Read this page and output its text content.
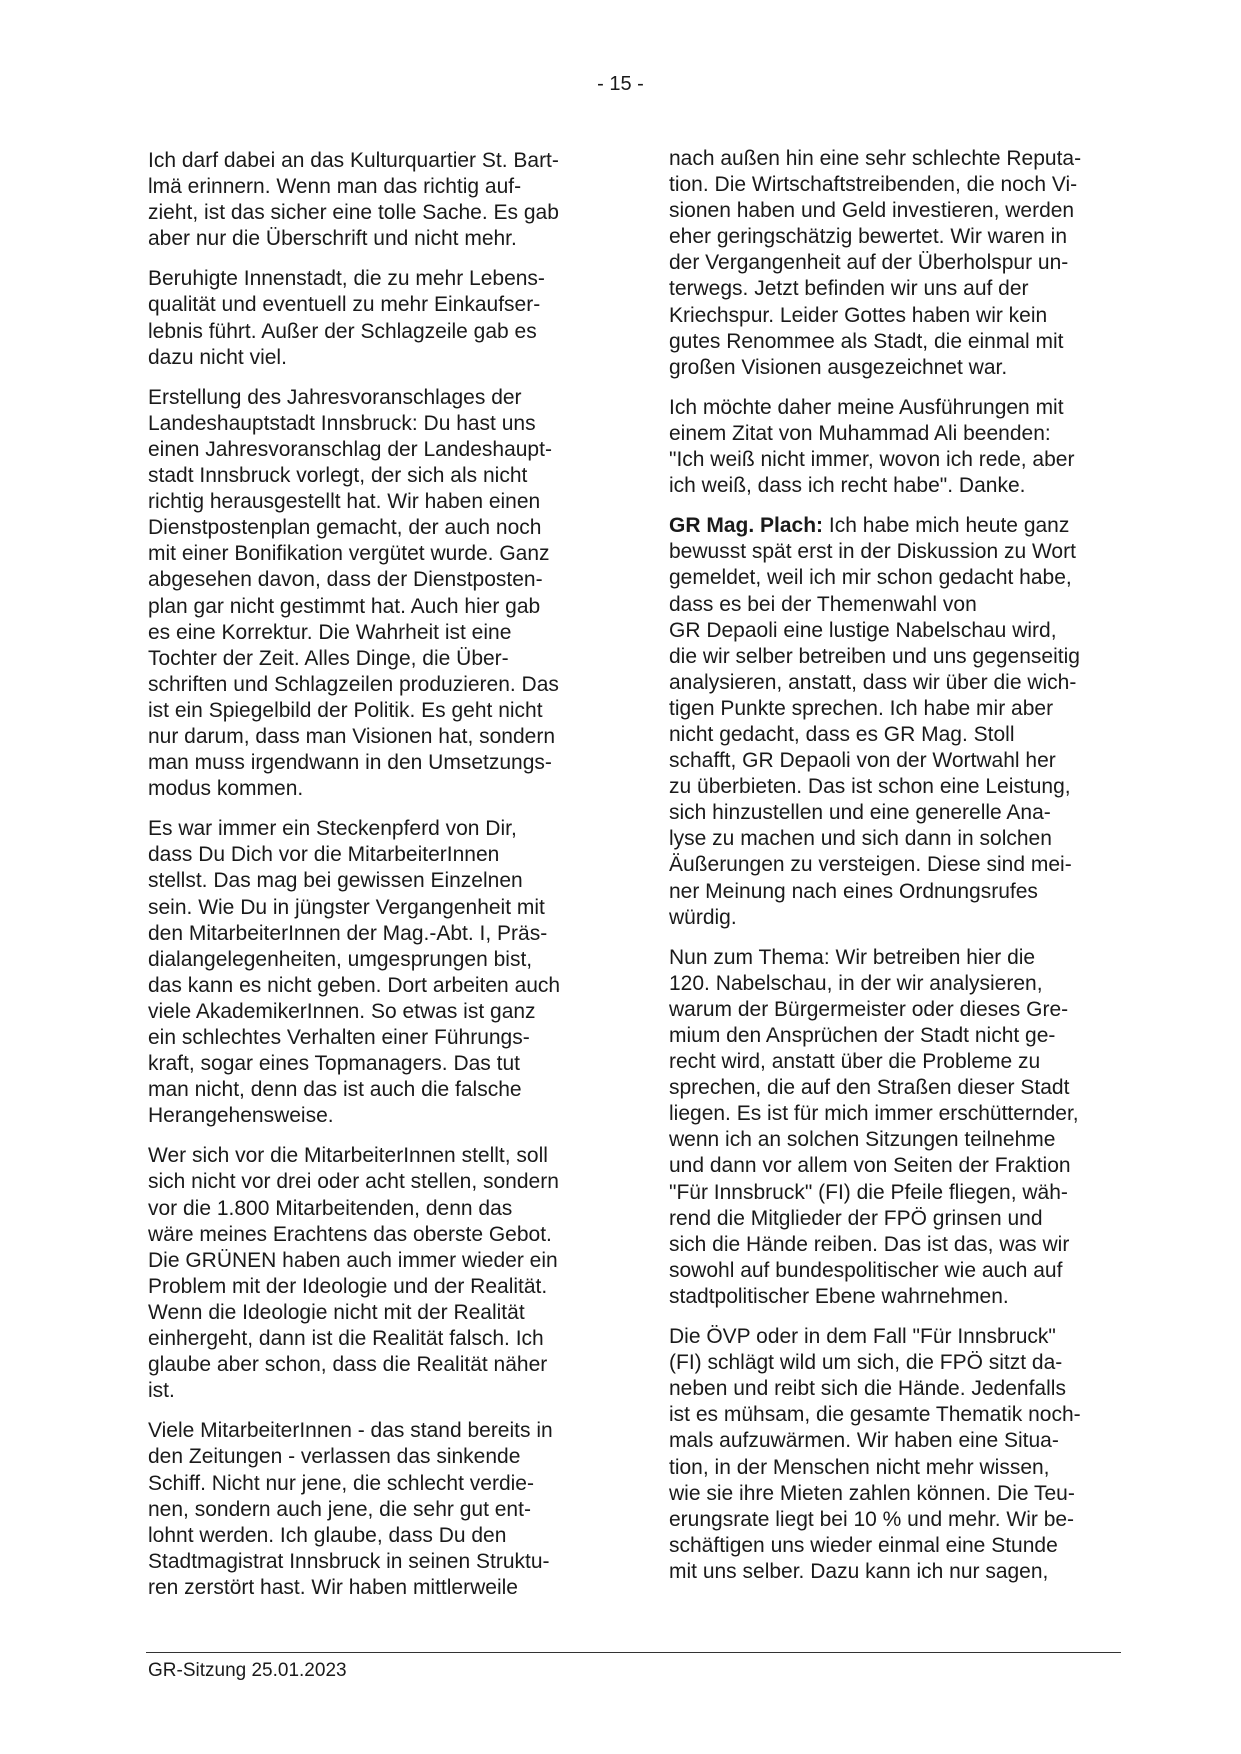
- 15 -

Ich darf dabei an das Kulturquartier St. Bart-
lmä erinnern. Wenn man das richtig auf-
zieht, ist das sicher eine tolle Sache. Es gab
aber nur die Überschrift und nicht mehr.

Beruhigte Innenstadt, die zu mehr Lebens-
qualität und eventuell zu mehr Einkaufser-
lebnis führt. Außer der Schlagzeile gab es
dazu nicht viel.

Erstellung des Jahresvoranschlages der
Landeshauptstadt Innsbruck: Du hast uns
einen Jahresvoranschlag der Landeshaupt-
stadt Innsbruck vorlegt, der sich als nicht
richtig herausgestellt hat. Wir haben einen
Dienstpostenplan gemacht, der auch noch
mit einer Bonifikation vergütet wurde. Ganz
abgesehen davon, dass der Dienstposten-
plan gar nicht gestimmt hat. Auch hier gab
es eine Korrektur. Die Wahrheit ist eine
Tochter der Zeit. Alles Dinge, die Über-
schriften und Schlagzeilen produzieren. Das
ist ein Spiegelbild der Politik. Es geht nicht
nur darum, dass man Visionen hat, sondern
man muss irgendwann in den Umsetzungs-
modus kommen.

Es war immer ein Steckenpferd von Dir,
dass Du Dich vor die MitarbeiterInnen
stellst. Das mag bei gewissen Einzelnen
sein. Wie Du in jüngster Vergangenheit mit
den MitarbeiterInnen der Mag.-Abt. I, Präs-
dialangelegenheiten, umgesprungen bist,
das kann es nicht geben. Dort arbeiten auch
viele AkademikerInnen. So etwas ist ganz
ein schlechtes Verhalten einer Führungs-
kraft, sogar eines Topmanagers. Das tut
man nicht, denn das ist auch die falsche
Herangehensweise.

Wer sich vor die MitarbeiterInnen stellt, soll
sich nicht vor drei oder acht stellen, sondern
vor die 1.800 Mitarbeitenden, denn das
wäre meines Erachtens das oberste Gebot.
Die GRÜNEN haben auch immer wieder ein
Problem mit der Ideologie und der Realität.
Wenn die Ideologie nicht mit der Realität
einhergeht, dann ist die Realität falsch. Ich
glaube aber schon, dass die Realität näher
ist.

Viele MitarbeiterInnen - das stand bereits in
den Zeitungen - verlassen das sinkende
Schiff. Nicht nur jene, die schlecht verdie-
nen, sondern auch jene, die sehr gut ent-
lohnt werden. Ich glaube, dass Du den
Stadtmagistrat Innsbruck in seinen Struktu-
ren zerstört hast. Wir haben mittlerweile

nach außen hin eine sehr schlechte Reputa-
tion. Die Wirtschaftstreibenden, die noch Vi-
sionen haben und Geld investieren, werden
eher geringschätzig bewertet. Wir waren in
der Vergangenheit auf der Überholspur un-
terwegs. Jetzt befinden wir uns auf der
Kriechspur. Leider Gottes haben wir kein
gutes Renommee als Stadt, die einmal mit
großen Visionen ausgezeichnet war.

Ich möchte daher meine Ausführungen mit
einem Zitat von Muhammad Ali beenden:
"Ich weiß nicht immer, wovon ich rede, aber
ich weiß, dass ich recht habe". Danke.

GR Mag. Plach: Ich habe mich heute ganz
bewusst spät erst in der Diskussion zu Wort
gemeldet, weil ich mir schon gedacht habe,
dass es bei der Themenwahl von
GR Depaoli eine lustige Nabelschau wird,
die wir selber betreiben und uns gegenseitig
analysieren, anstatt, dass wir über die wich-
tigen Punkte sprechen. Ich habe mir aber
nicht gedacht, dass es GR Mag. Stoll
schafft, GR Depaoli von der Wortwahl her
zu überbieten. Das ist schon eine Leistung,
sich hinzustellen und eine generelle Ana-
lyse zu machen und sich dann in solchen
Äußerungen zu versteigen. Diese sind mei-
ner Meinung nach eines Ordnungsrufes
würdig.

Nun zum Thema: Wir betreiben hier die
120. Nabelschau, in der wir analysieren,
warum der Bürgermeister oder dieses Gre-
mium den Ansprüchen der Stadt nicht ge-
recht wird, anstatt über die Probleme zu
sprechen, die auf den Straßen dieser Stadt
liegen. Es ist für mich immer erschütternder,
wenn ich an solchen Sitzungen teilnehme
und dann vor allem von Seiten der Fraktion
"Für Innsbruck" (FI) die Pfeile fliegen, wäh-
rend die Mitglieder der FPÖ grinsen und
sich die Hände reiben. Das ist das, was wir
sowohl auf bundespolitischer wie auch auf
stadtpolitischer Ebene wahrnehmen.

Die ÖVP oder in dem Fall "Für Innsbruck"
(FI) schlägt wild um sich, die FPÖ sitzt da-
neben und reibt sich die Hände. Jedenfalls
ist es mühsam, die gesamte Thematik noch-
mals aufzuwärmen. Wir haben eine Situa-
tion, in der Menschen nicht mehr wissen,
wie sie ihre Mieten zahlen können. Die Teu-
erungsrate liegt bei 10 % und mehr. Wir be-
schäftigen uns wieder einmal eine Stunde
mit uns selber. Dazu kann ich nur sagen,

GR-Sitzung 25.01.2023
